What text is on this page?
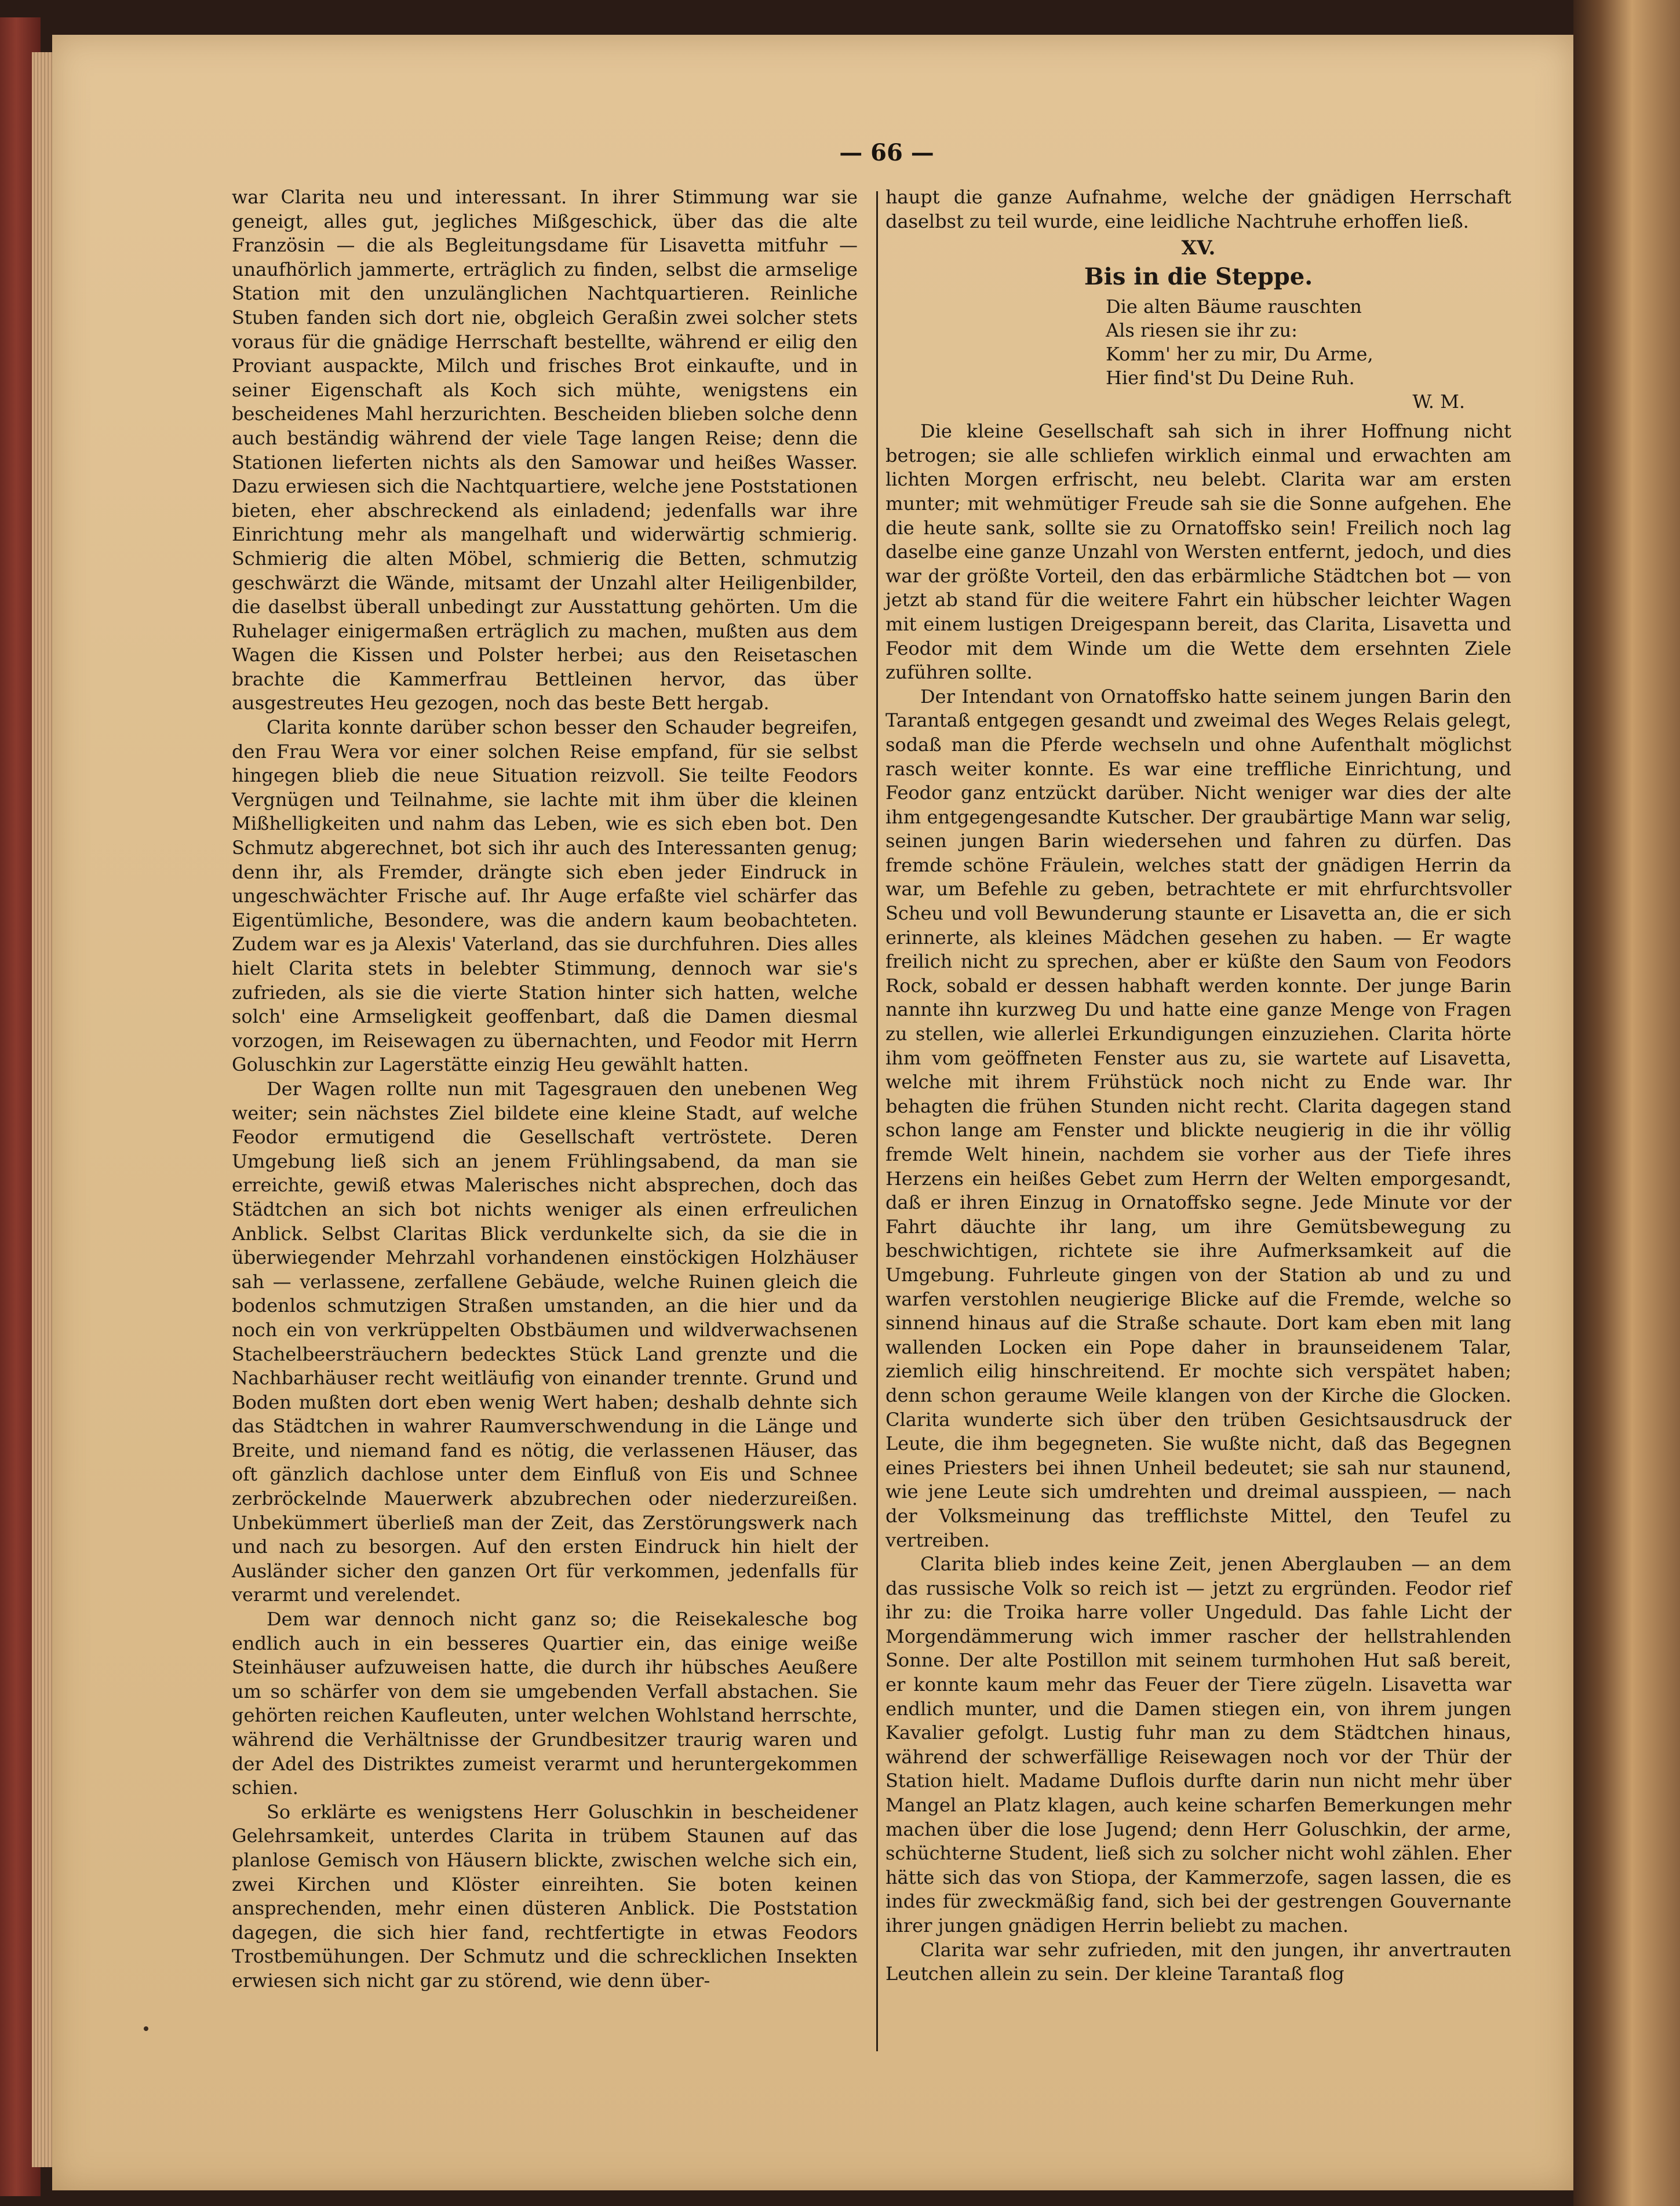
— 66 —

war Clarita neu und interessant. In ihrer Stimmung war sie geneigt, alles gut, jegliches Mißgeschick, über das die alte Französin — die als Begleitungsdame für Lisavetta mitfuhr — unaufhörlich jammerte, erträglich zu finden, selbst die armselige Station mit den unzulänglichen Nachtquartieren. Reinliche Stuben fanden sich dort nie, obgleich Geraßin zwei solcher stets voraus für die gnädige Herrschaft bestellte, während er eilig den Proviant auspackte, Milch und frisches Brot einkaufte, und in seiner Eigenschaft als Koch sich mühte, wenigstens ein bescheidenes Mahl herzurichten. Bescheiden blieben solche denn auch beständig während der viele Tage langen Reise; denn die Stationen lieferten nichts als den Samowar und heißes Wasser. Dazu erwiesen sich die Nachtquartiere, welche jene Poststationen bieten, eher abschreckend als einladend; jedenfalls war ihre Einrichtung mehr als mangelhaft und widerwärtig schmierig. Schmierig die alten Möbel, schmierig die Betten, schmutzig geschwärzt die Wände, mitsamt der Unzahl alter Heiligenbilder, die daselbst überall unbedingt zur Ausstattung gehörten. Um die Ruhelager einigermaßen erträglich zu machen, mußten aus dem Wagen die Kissen und Polster herbei; aus den Reisetaschen brachte die Kammerfrau Bettleinen hervor, das über ausgestreutes Heu gezogen, noch das beste Bett hergab.

Clarita konnte darüber schon besser den Schauder begreifen, den Frau Wera vor einer solchen Reise empfand, für sie selbst hingegen blieb die neue Situation reizvoll. Sie teilte Feodors Vergnügen und Teilnahme, sie lachte mit ihm über die kleinen Mißhelligkeiten und nahm das Leben, wie es sich eben bot. Den Schmutz abgerechnet, bot sich ihr auch des Interessanten genug; denn ihr, als Fremder, drängte sich eben jeder Eindruck in ungeschwächter Frische auf. Ihr Auge erfaßte viel schärfer das Eigentümliche, Besondere, was die andern kaum beobachteten. Zudem war es ja Alexis' Vaterland, das sie durchfuhren. Dies alles hielt Clarita stets in belebter Stimmung, dennoch war sie's zufrieden, als sie die vierte Station hinter sich hatten, welche solch' eine Armseligkeit geoffenbart, daß die Damen diesmal vorzogen, im Reisewagen zu übernachten, und Feodor mit Herrn Goluschkin zur Lagerstätte einzig Heu gewählt hatten.

Der Wagen rollte nun mit Tagesgrauen den unebenen Weg weiter; sein nächstes Ziel bildete eine kleine Stadt, auf welche Feodor ermutigend die Gesellschaft vertröstete. Deren Umgebung ließ sich an jenem Frühlingsabend, da man sie erreichte, gewiß etwas Malerisches nicht absprechen, doch das Städtchen an sich bot nichts weniger als einen erfreulichen Anblick. Selbst Claritas Blick verdunkelte sich, da sie die in überwiegender Mehrzahl vorhandenen einstöckigen Holzhäuser sah — verlassene, zerfallene Gebäude, welche Ruinen gleich die bodenlos schmutzigen Straßen umstanden, an die hier und da noch ein von verkrüppelten Obstbäumen und wildverwachsenen Stachelbeersträuchern bedecktes Stück Land grenzte und die Nachbarhäuser recht weitläufig von einander trennte. Grund und Boden mußten dort eben wenig Wert haben; deshalb dehnte sich das Städtchen in wahrer Raumverschwendung in die Länge und Breite, und niemand fand es nötig, die verlassenen Häuser, das oft gänzlich dachlose unter dem Einfluß von Eis und Schnee zerbröckelnde Mauerwerk abzubrechen oder niederzureißen. Unbekümmert überließ man der Zeit, das Zerstörungswerk nach und nach zu besorgen. Auf den ersten Eindruck hin hielt der Ausländer sicher den ganzen Ort für verkommen, jedenfalls für verarmt und verelendet.

Dem war dennoch nicht ganz so; die Reisekalesche bog endlich auch in ein besseres Quartier ein, das einige weiße Steinhäuser aufzuweisen hatte, die durch ihr hübsches Aeußere um so schärfer von dem sie umgebenden Verfall abstachen. Sie gehörten reichen Kaufleuten, unter welchen Wohlstand herrschte, während die Verhältnisse der Grundbesitzer traurig waren und der Adel des Distriktes zumeist verarmt und heruntergekommen schien.

So erklärte es wenigstens Herr Goluschkin in bescheidener Gelehrsamkeit, unterdes Clarita in trübem Staunen auf das planlose Gemisch von Häusern blickte, zwischen welche sich ein, zwei Kirchen und Klöster einreihten. Sie boten keinen ansprechenden, mehr einen düsteren Anblick. Die Poststation dagegen, die sich hier fand, rechtfertigte in etwas Feodors Trostbemühungen. Der Schmutz und die schrecklichen Insekten erwiesen sich nicht gar zu störend, wie denn über-

haupt die ganze Aufnahme, welche der gnädigen Herrschaft daselbst zu teil wurde, eine leidliche Nachtruhe erhoffen ließ.

XV.
Bis in die Steppe.
Die alten Bäume rauschten
Als riesen sie ihr zu:
Komm' her zu mir, Du Arme,
Hier find'st Du Deine Ruh.
W. M.

Die kleine Gesellschaft sah sich in ihrer Hoffnung nicht betrogen; sie alle schliefen wirklich einmal und erwachten am lichten Morgen erfrischt, neu belebt. Clarita war am ersten munter; mit wehmütiger Freude sah sie die Sonne aufgehen. Ehe die heute sank, sollte sie zu Ornatoffsko sein! Freilich noch lag daselbe eine ganze Unzahl von Wersten entfernt, jedoch, und dies war der größte Vorteil, den das erbärmliche Städtchen bot — von jetzt ab stand für die weitere Fahrt ein hübscher leichter Wagen mit einem lustigen Dreigespann bereit, das Clarita, Lisavetta und Feodor mit dem Winde um die Wette dem ersehnten Ziele zuführen sollte.

Der Intendant von Ornatoffsko hatte seinem jungen Barin den Tarantaß entgegen gesandt und zweimal des Weges Relais gelegt, sodaß man die Pferde wechseln und ohne Aufenthalt möglichst rasch weiter konnte. Es war eine treffliche Einrichtung, und Feodor ganz entzückt darüber. Nicht weniger war dies der alte ihm entgegengesandte Kutscher. Der graubärtige Mann war selig, seinen jungen Barin wiedersehen und fahren zu dürfen. Das fremde schöne Fräulein, welches statt der gnädigen Herrin da war, um Befehle zu geben, betrachtete er mit ehrfurchtsvoller Scheu und voll Bewunderung staunte er Lisavetta an, die er sich erinnerte, als kleines Mädchen gesehen zu haben. — Er wagte freilich nicht zu sprechen, aber er küßte den Saum von Feodors Rock, sobald er dessen habhaft werden konnte. Der junge Barin nannte ihn kurzweg Du und hatte eine ganze Menge von Fragen zu stellen, wie allerlei Erkundigungen einzuziehen. Clarita hörte ihm vom geöffneten Fenster aus zu, sie wartete auf Lisavetta, welche mit ihrem Frühstück noch nicht zu Ende war. Ihr behagten die frühen Stunden nicht recht. Clarita dagegen stand schon lange am Fenster und blickte neugierig in die ihr völlig fremde Welt hinein, nachdem sie vorher aus der Tiefe ihres Herzens ein heißes Gebet zum Herrn der Welten emporgesandt, daß er ihren Einzug in Ornatoffsko segne. Jede Minute vor der Fahrt däuchte ihr lang, um ihre Gemütsbewegung zu beschwichtigen, richtete sie ihre Aufmerksamkeit auf die Umgebung. Fuhrleute gingen von der Station ab und zu und warfen verstohlen neugierige Blicke auf die Fremde, welche so sinnend hinaus auf die Straße schaute. Dort kam eben mit lang wallenden Locken ein Pope daher in braunseidenem Talar, ziemlich eilig hinschreitend. Er mochte sich verspätet haben; denn schon geraume Weile klangen von der Kirche die Glocken. Clarita wunderte sich über den trüben Gesichtsausdruck der Leute, die ihm begegneten. Sie wußte nicht, daß das Begegnen eines Priesters bei ihnen Unheil bedeutet; sie sah nur staunend, wie jene Leute sich umdrehten und dreimal ausspieen, — nach der Volksmeinung das trefflichste Mittel, den Teufel zu vertreiben.

Clarita blieb indes keine Zeit, jenen Aberglauben — an dem das russische Volk so reich ist — jetzt zu ergründen. Feodor rief ihr zu: die Troika harre voller Ungeduld. Das fahle Licht der Morgendämmerung wich immer rascher der hellstrahlenden Sonne. Der alte Postillon mit seinem turmhohen Hut saß bereit, er konnte kaum mehr das Feuer der Tiere zügeln. Lisavetta war endlich munter, und die Damen stiegen ein, von ihrem jungen Kavalier gefolgt. Lustig fuhr man zu dem Städtchen hinaus, während der schwerfällige Reisewagen noch vor der Thür der Station hielt. Madame Duflois durfte darin nun nicht mehr über Mangel an Platz klagen, auch keine scharfen Bemerkungen mehr machen über die lose Jugend; denn Herr Goluschkin, der arme, schüchterne Student, ließ sich zu solcher nicht wohl zählen. Eher hätte sich das von Stiopa, der Kammerzofe, sagen lassen, die es indes für zweckmäßig fand, sich bei der gestrengen Gouvernante ihrer jungen gnädigen Herrin beliebt zu machen.

Clarita war sehr zufrieden, mit den jungen, ihr anvertrauten Leutchen allein zu sein. Der kleine Tarantaß flog
